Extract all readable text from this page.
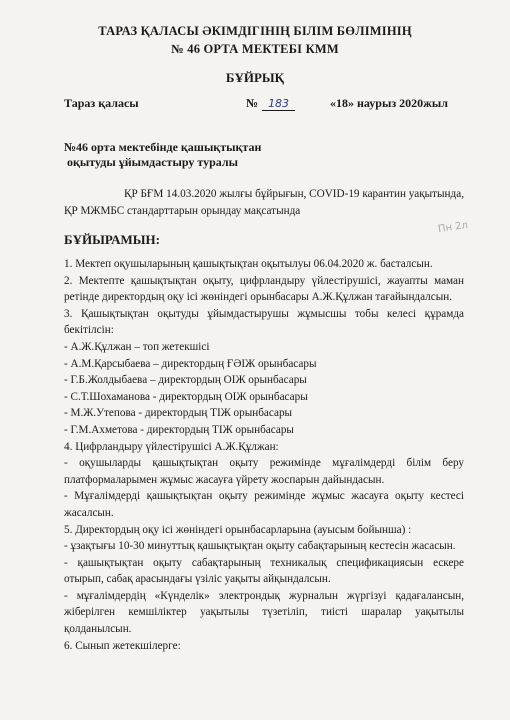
ТАРАЗ ҚАЛАСЫ ӘКІМДІГІНІҢ БІЛІМ БӨЛІМІНІҢ
№ 46 ОРТА МЕКТЕБІ КММ
БҰЙРЫҚ
Тараз қаласы	№ 183	«18» наурыз 2020жыл
№46 орта мектебінде қашықтықтан
оқытуды ұйымдастыру туралы
ҚР БҒМ 14.03.2020 жылғы бұйрығын, COVID-19 карантин уақытында, ҚР МЖМБС стандарттарын орындау мақсатында
БҰЙЫРАМЫН:
Пн 2л
1. Мектеп оқушыларының қашықтықтан оқытылуы 06.04.2020 ж. басталсын.
2. Мектепте қашықтықтан оқыту, цифрландыру үйлестірушісі, жауапты маман ретінде директордың оқу ісі жөніндегі орынбасары А.Ж.Құлжан тағайындалсын.
3. Қашықтықтан оқытуды ұйымдастырушы жұмысшы тобы келесі құрамда бекітілсін:
- А.Ж.Құлжан – топ жетекшісі
- А.М.Қарсыбаева – директордың ҒӘІЖ орынбасары
- Г.Б.Жолдыбаева – директордың ОІЖ орынбасары
- С.Т.Шохаманова - директордың ОІЖ орынбасары
- М.Ж.Утепова - директордың ТІЖ орынбасары
- Г.М.Ахметова - директордың ТІЖ орынбасары
4. Цифрландыру үйлестірушісі А.Ж.Құлжан:
- оқушыларды қашықтықтан оқыту режимінде мұғалімдерді білім беру платформаларымен жұмыс жасауға үйрету жоспарын дайындасын.
- Мұғалімдерді қашықтықтан оқыту режимінде жұмыс жасауға оқыту кестесі жасалсын.
5. Директордың оқу ісі жөніндегі орынбасарларына (ауысым бойынша) :
- ұзақтығы 10-30 минуттық қашықтықтан оқыту сабақтарының кестесін жасасын.
- қашықтықтан оқыту сабақтарының техникалық спецификациясын ескере отырып, сабақ арасындағы үзіліс уақыты айқындалсын.
- мұғалімдердің «Күнделік» электрондық журналын жүргізуі қадағалансын, жіберілген кемшіліктер уақытылы түзетіліп, тиісті шаралар уақытылы қолданылсын.
6. Сынып жетекшілерге:
